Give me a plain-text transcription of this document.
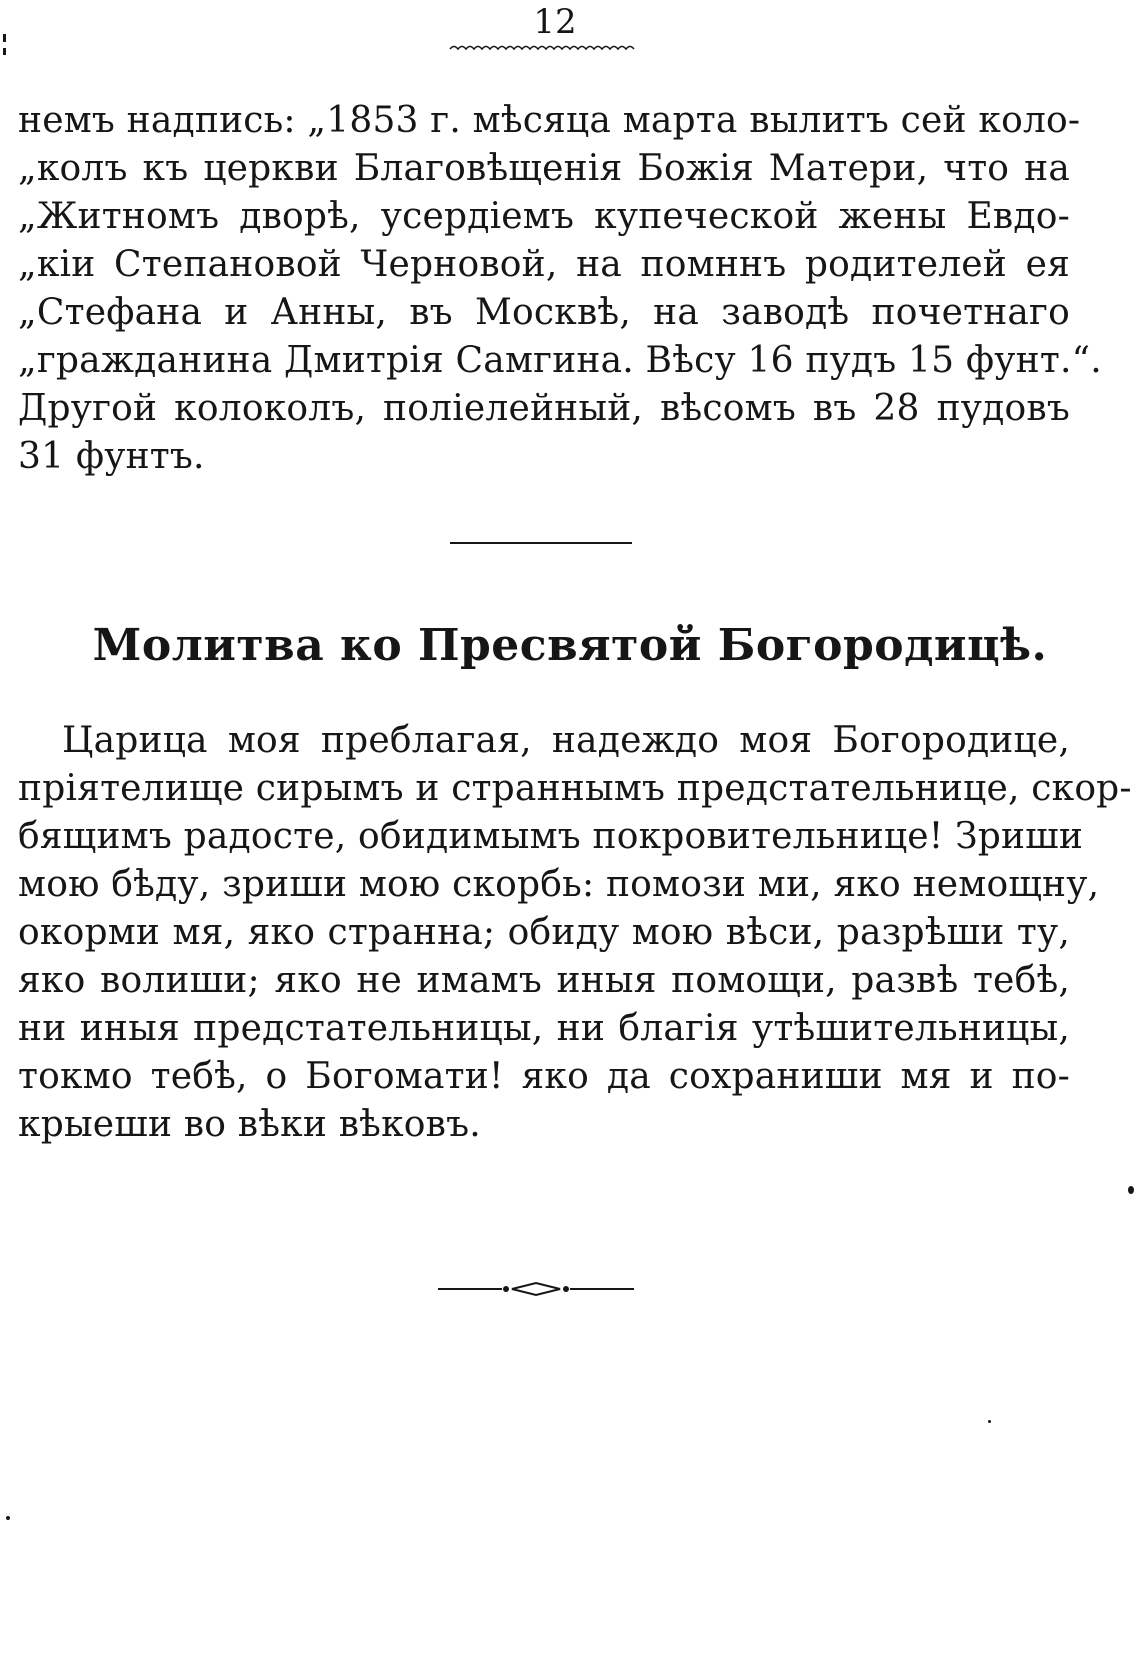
12

немъ надпись: „1853 г. мѣсяца марта вылитъ сей коло-

„колъ къ церкви Благовѣщенія Божія Матери, что на

„Житномъ дворѣ, усердіемъ купеческой жены Евдо-

„кіи Степановой Черновой, на помннъ родителей ея

„Стефана и Анны, въ Москвѣ, на заводѣ почетнаго

„гражданина Дмитрія Самгина. Вѣсу 16 пудъ 15 фунт.“.

Другой колоколъ, поліелейный, вѣсомъ въ 28 пудовъ

31 фунтъ.

Молитва ко Пресвятой Богородицѣ.

Царица моя преблагая, надеждо моя Богородице,

пріятелище сирымъ и страннымъ предстательнице, скор-

бящимъ радосте, обидимымъ покровительнице! Зриши

мою бѣду, зриши мою скорбь: помози ми, яко немощну,

окорми мя, яко странна; обиду мою вѣси, разрѣши ту,

яко волиши; яко не имамъ иныя помощи, развѣ тебѣ,

ни иныя предстательницы, ни благія утѣшительницы,

токмо тебѣ, о Богомати! яко да сохраниши мя и по-

крыеши во вѣки вѣковъ.
